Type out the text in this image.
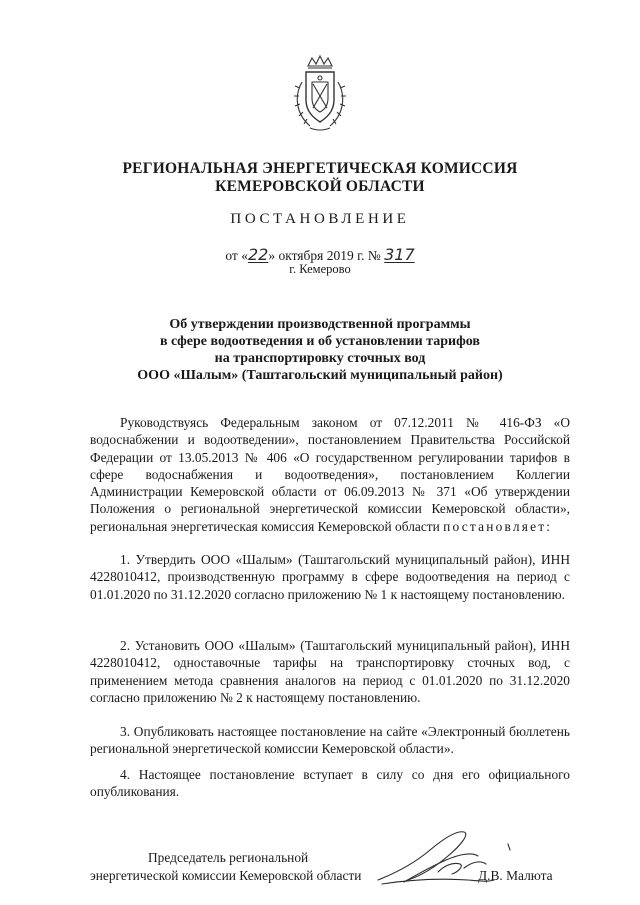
РЕГИОНАЛЬНАЯ ЭНЕРГЕТИЧЕСКАЯ КОМИССИЯ
КЕМЕРОВСКОЙ ОБЛАСТИ
ПОСТАНОВЛЕНИЕ
от «22» октября 2019 г. № 317
г. Кемерово
Об утверждении производственной программы
в сфере водоотведения и об установлении тарифов
на транспортировку сточных вод
ООО «Шалым» (Таштагольский муниципальный район)
Руководствуясь Федеральным законом от 07.12.2011 № 416-ФЗ «О водоснабжении и водоотведении», постановлением Правительства Российской Федерации от 13.05.2013 № 406 «О государственном регулировании тарифов в сфере водоснабжения и водоотведения», постановлением Коллегии Администрации Кемеровской области от 06.09.2013 № 371 «Об утверждении Положения о региональной энергетической комиссии Кемеровской области», региональная энергетическая комиссия Кемеровской области постановляет:
1. Утвердить ООО «Шалым» (Таштагольский муниципальный район), ИНН 4228010412, производственную программу в сфере водоотведения на период с 01.01.2020 по 31.12.2020 согласно приложению № 1 к настоящему постановлению.
2. Установить ООО «Шалым» (Таштагольский муниципальный район), ИНН 4228010412, одноставочные тарифы на транспортировку сточных вод, с применением метода сравнения аналогов на период с 01.01.2020 по 31.12.2020 согласно приложению № 2 к настоящему постановлению.
3. Опубликовать настоящее постановление на сайте «Электронный бюллетень региональной энергетической комиссии Кемеровской области».
4. Настоящее постановление вступает в силу со дня его официального опубликования.
Председатель региональной
энергетической комиссии Кемеровской области	Д.В. Малюта
